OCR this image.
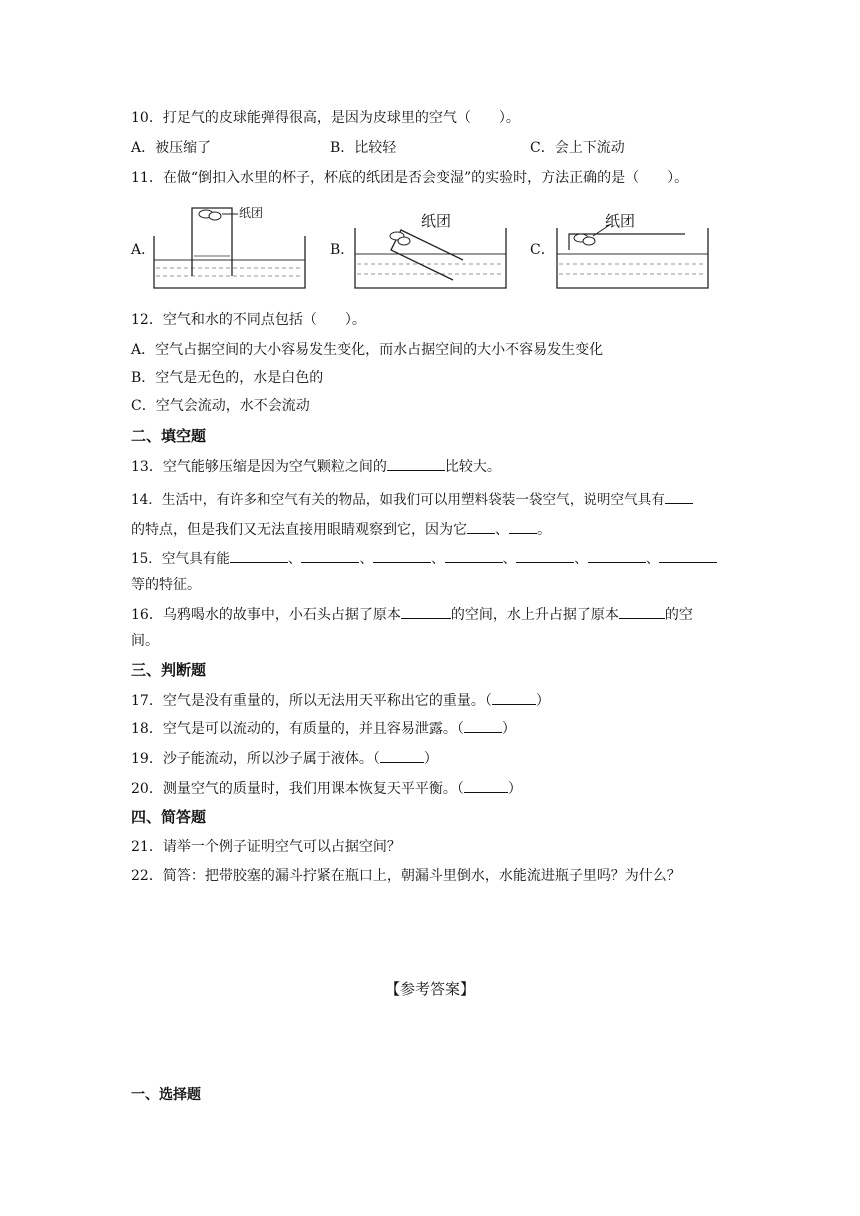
10．打足气的皮球能弹得很高，是因为皮球里的空气（　　）。
A．被压缩了	B．比较轻	C．会上下流动
11．在做“倒扣入水里的杯子，杯底的纸团是否会变湿”的实验时，方法正确的是（　　）。
A．
纸团
B．
纸团
C．
纸团
12．空气和水的不同点包括（　　）。
A．空气占据空间的大小容易发生变化，而水占据空间的大小不容易发生变化
B．空气是无色的，水是白色的
C．空气会流动，水不会流动
二、填空题
13．空气能够压缩是因为空气颗粒之间的	比较大。
14．生活中，有许多和空气有关的物品，如我们可以用塑料袋装一袋空气，说明空气具有
的特点，但是我们又无法直接用眼睛观察到它，因为它 、 。
15．空气具有能	、	、	、	、	、	、
等的特征。
16．乌鸦喝水的故事中，小石头占据了原本	的空间，水上升占据了原本	的空
间。
三、判断题
17．空气是没有重量的，所以无法用天平称出它的重量。（	）
18．空气是可以流动的，有质量的，并且容易泄露。（	）
19．沙子能流动，所以沙子属于液体。（	）
20．测量空气的质量时，我们用课本恢复天平平衡。（	）
四、简答题
21．请举一个例子证明空气可以占据空间？
22．简答：把带胶塞的漏斗拧紧在瓶口上，朝漏斗里倒水，水能流进瓶子里吗？为什么？
【参考答案】
一、选择题
